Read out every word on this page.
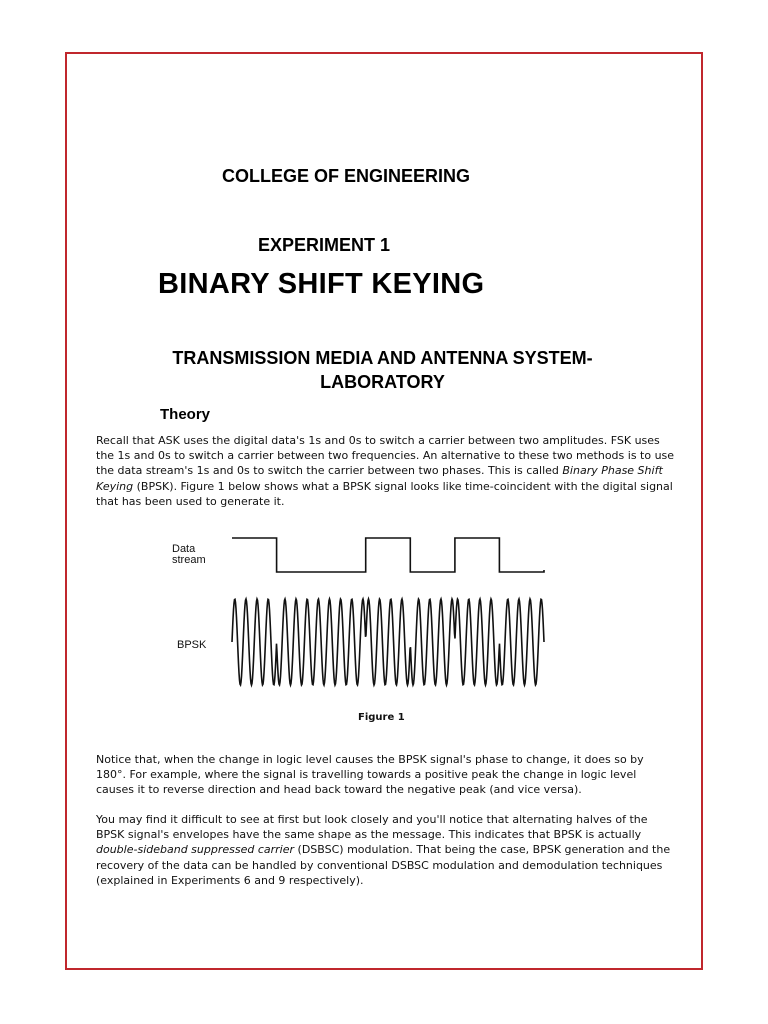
COLLEGE OF ENGINEERING
EXPERIMENT 1
BINARY SHIFT KEYING
TRANSMISSION MEDIA AND ANTENNA SYSTEM- LABORATORY
Theory

Recall that ASK uses the digital data's 1s and 0s to switch a carrier between two amplitudes. FSK uses the 1s and 0s to switch a carrier between two frequencies. An alternative to these two methods is to use the data stream's 1s and 0s to switch the carrier between two phases. This is called Binary Phase Shift Keying (BPSK). Figure 1 below shows what a BPSK signal looks like time-coincident with the digital signal that has been used to generate it.

Data
stream
BPSK
Figure 1

Notice that, when the change in logic level causes the BPSK signal's phase to change, it does so by 180°. For example, where the signal is travelling towards a positive peak the change in logic level causes it to reverse direction and head back toward the negative peak (and vice versa).

You may find it difficult to see at first but look closely and you'll notice that alternating halves of the BPSK signal's envelopes have the same shape as the message. This indicates that BPSK is actually double-sideband suppressed carrier (DSBSC) modulation. That being the case, BPSK generation and the recovery of the data can be handled by conventional DSBSC modulation and demodulation techniques (explained in Experiments 6 and 9 respectively).
